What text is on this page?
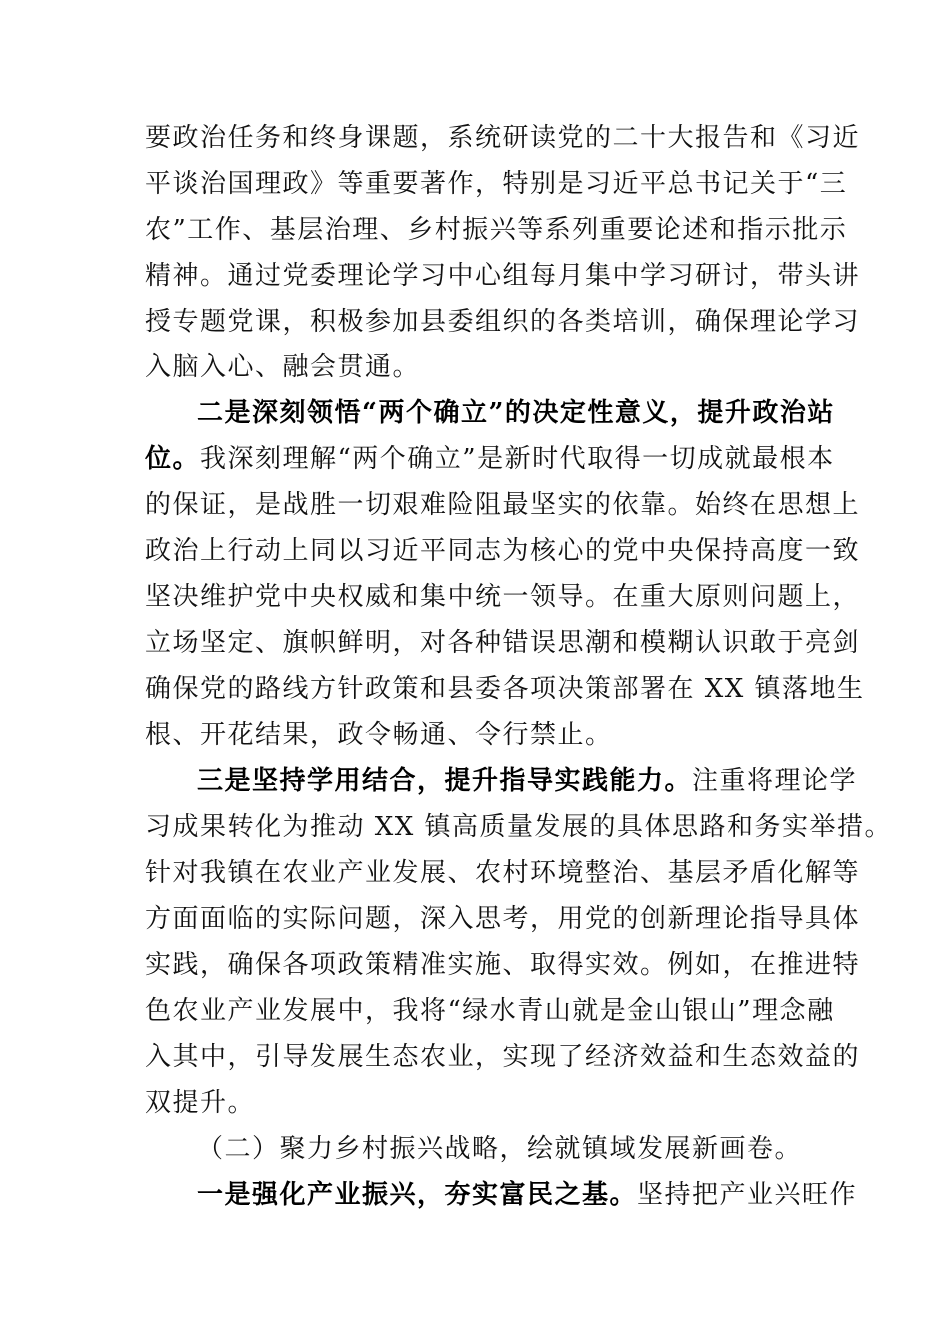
要政治任务和终身课题，系统研读党的二十大报告和《习近
平谈治国理政》等重要著作，特别是习近平总书记关于“三
农”工作、基层治理、乡村振兴等系列重要论述和指示批示
精神。通过党委理论学习中心组每月集中学习研讨，带头讲
授专题党课，积极参加县委组织的各类培训，确保理论学习
入脑入心、融会贯通。
二是深刻领悟“两个确立”的决定性意义，提升政治站
位。我深刻理解“两个确立”是新时代取得一切成就最根本
的保证，是战胜一切艰难险阻最坚实的依靠。始终在思想上
政治上行动上同以习近平同志为核心的党中央保持高度一致
坚决维护党中央权威和集中统一领导。在重大原则问题上，
立场坚定、旗帜鲜明，对各种错误思潮和模糊认识敢于亮剑
确保党的路线方针政策和县委各项决策部署在 XX 镇落地生
根、开花结果，政令畅通、令行禁止。
三是坚持学用结合，提升指导实践能力。注重将理论学
习成果转化为推动 XX 镇高质量发展的具体思路和务实举措。
针对我镇在农业产业发展、农村环境整治、基层矛盾化解等
方面面临的实际问题，深入思考，用党的创新理论指导具体
实践，确保各项政策精准实施、取得实效。例如，在推进特
色农业产业发展中，我将“绿水青山就是金山银山”理念融
入其中，引导发展生态农业，实现了经济效益和生态效益的
双提升。
（二）聚力乡村振兴战略，绘就镇域发展新画卷。
一是强化产业振兴，夯实富民之基。坚持把产业兴旺作
